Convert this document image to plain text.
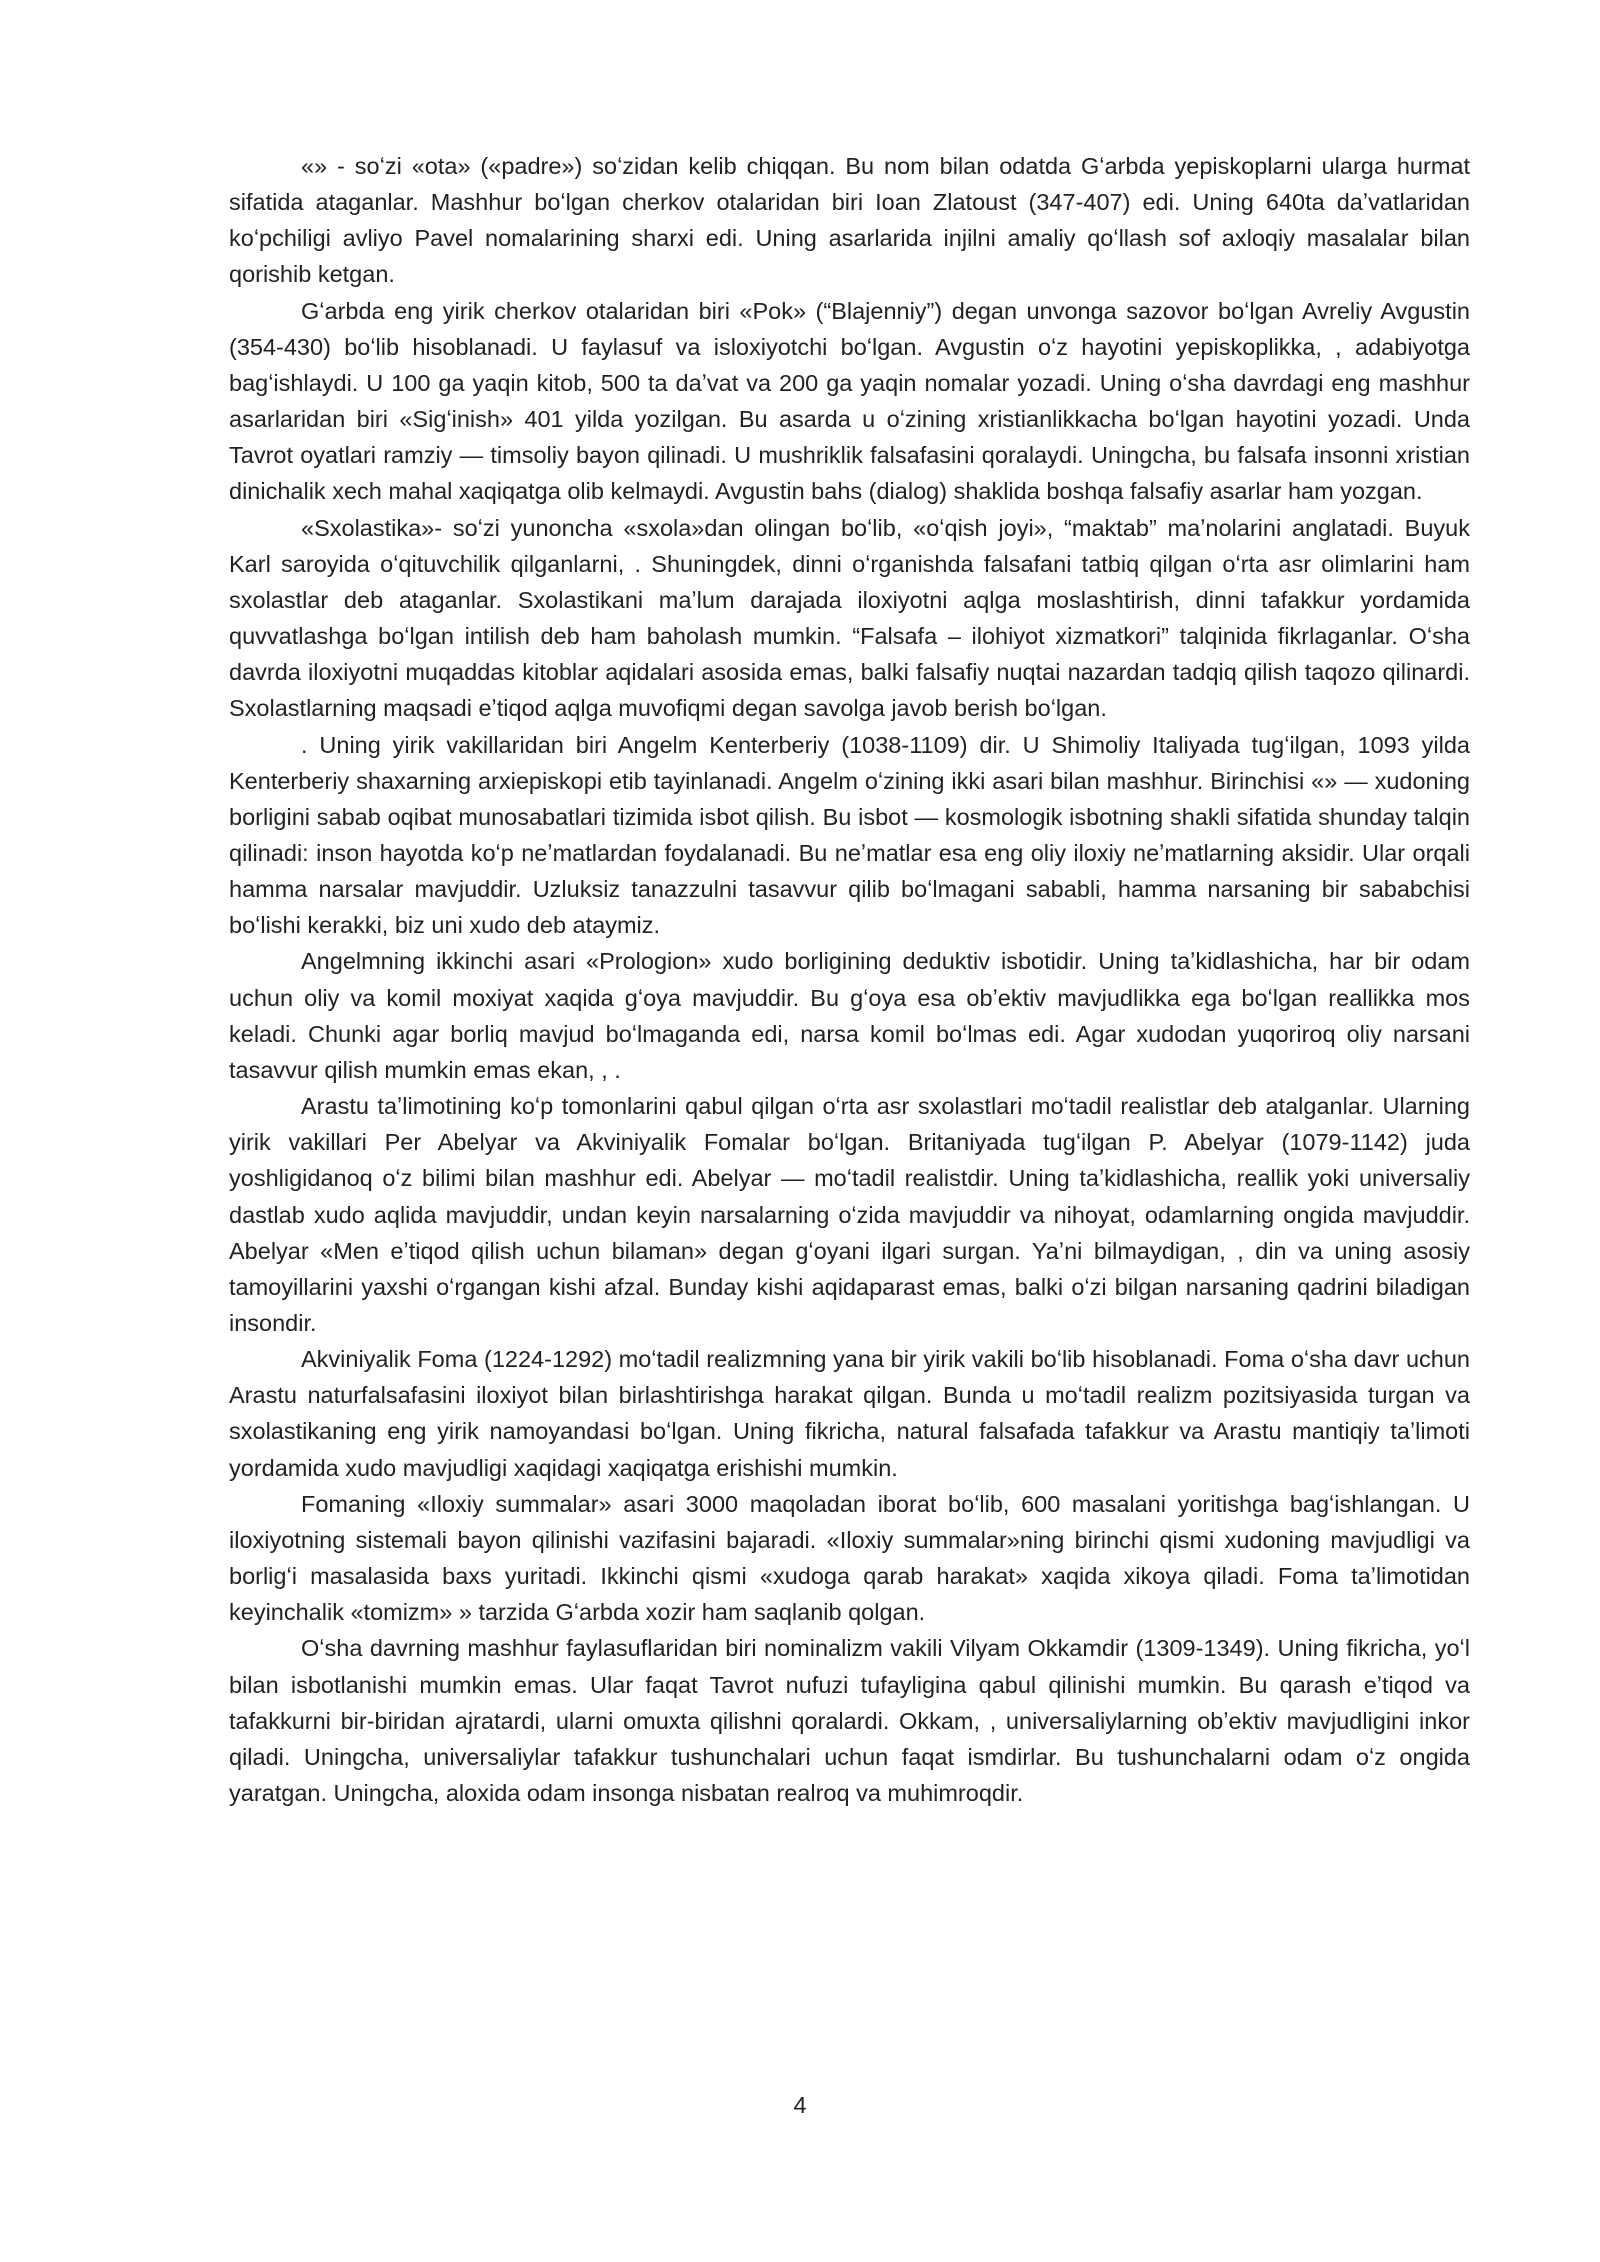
«» - soʻzi «ota» («padre») soʻzidan kelib chiqqan. Bu nom bilan odatda Gʻarbda yepiskoplarni ularga hurmat sifatida ataganlar. Mashhur boʻlgan cherkov otalaridan biri Ioan Zlatoust (347-407) edi. Uning 640ta daʼvatlaridan koʻpchiligi avliyo Pavel nomalarining sharxi edi. Uning asarlarida injilni amaliy qoʻllash sof axloqiy masalalar bilan qorishib ketgan.

Gʻarbda eng yirik cherkov otalaridan biri «Pok» (“Blajenniy”) degan unvonga sazovor boʻlgan Avreliy Avgustin (354-430) boʻlib hisoblanadi. U faylasuf va isloxiyotchi boʻlgan. Avgustin oʻz hayotini yepiskoplikka, , adabiyotga bagʻishlaydi. U 100 ga yaqin kitob, 500 ta daʼvat va 200 ga yaqin nomalar yozadi. Uning oʻsha davrdagi eng mashhur asarlaridan biri «Sigʻinish» 401 yilda yozilgan. Bu asarda u oʻzining xristianlikkacha boʻlgan hayotini yozadi. Unda Tavrot oyatlari ramziy — timsoliy bayon qilinadi. U mushriklik falsafasini qoralaydi. Uningcha, bu falsafa insonni xristian dinichalik xech mahal xaqiqatga olib kelmaydi. Avgustin bahs (dialog) shaklida boshqa falsafiy asarlar ham yozgan.

«Sxolastika»- soʻzi yunoncha «sxola»dan olingan boʻlib, «oʻqish joyi», “maktab” maʼnolarini anglatadi. Buyuk Karl saroyida oʻqituvchilik qilganlarni, . Shuningdek, dinni oʻrganishda falsafani tatbiq qilgan oʻrta asr olimlarini ham sxolastlar deb ataganlar. Sxolastikani maʼlum darajada iloxiyotni aqlga moslashtirish, dinni tafakkur yordamida quvvatlashga boʻlgan intilish deb ham baholash mumkin. “Falsafa – ilohiyot xizmatkori” talqinida fikrlaganlar. Oʻsha davrda iloxiyotni muqaddas kitoblar aqidalari asosida emas, balki falsafiy nuqtai nazardan tadqiq qilish taqozo qilinardi. Sxolastlarning maqsadi eʼtiqod aqlga muvofiqmi degan savolga javob berish boʻlgan.

. Uning yirik vakillaridan biri Angelm Kenterberiy (1038-1109) dir. U Shimoliy Italiyada tugʻilgan, 1093 yilda Kenterberiy shaxarning arxiepiskopi etib tayinlanadi. Angelm oʻzining ikki asari bilan mashhur. Birinchisi «» — xudoning borligini sabab oqibat munosabatlari tizimida isbot qilish. Bu isbot — kosmologik isbotning shakli sifatida shunday talqin qilinadi: inson hayotda koʻp neʼmatlardan foydalanadi. Bu neʼmatlar esa eng oliy iloxiy neʼmatlarning aksidir. Ular orqali hamma narsalar mavjuddir. Uzluksiz tanazzulni tasavvur qilib boʻlmagani sababli, hamma narsaning bir sababchisi boʻlishi kerakki, biz uni xudo deb ataymiz.

Angelmning ikkinchi asari «Prologion» xudo borligining deduktiv isbotidir. Uning taʼkidlashicha, har bir odam uchun oliy va komil moxiyat xaqida gʻoya mavjuddir. Bu gʻoya esa obʼektiv mavjudlikka ega boʻlgan reallikka mos keladi. Chunki agar borliq mavjud boʻlmaganda edi, narsa komil boʻlmas edi. Agar xudodan yuqoriroq oliy narsani tasavvur qilish mumkin emas ekan, , .

Arastu taʼlimotining koʻp tomonlarini qabul qilgan oʻrta asr sxolastlari moʻtadil realistlar deb atalganlar. Ularning yirik vakillari Per Abelyar va Akviniyalik Fomalar boʻlgan. Britaniyada tugʻilgan P. Abelyar (1079-1142) juda yoshligidanoq oʻz bilimi bilan mashhur edi. Abelyar — moʻtadil realistdir. Uning taʼkidlashicha, reallik yoki universaliy dastlab xudo aqlida mavjuddir, undan keyin narsalarning oʻzida mavjuddir va nihoyat, odamlarning ongida mavjuddir. Abelyar «Men eʼtiqod qilish uchun bilaman» degan gʻoyani ilgari surgan. Yaʼni bilmaydigan, , din va uning asosiy tamoyillarini yaxshi oʻrgangan kishi afzal. Bunday kishi aqidaparast emas, balki oʻzi bilgan narsaning qadrini biladigan insondir.

Akviniyalik Foma (1224-1292) moʻtadil realizmning yana bir yirik vakili boʻlib hisoblanadi. Foma oʻsha davr uchun Arastu naturfalsafasini iloxiyot bilan birlashtirishga harakat qilgan. Bunda u moʻtadil realizm pozitsiyasida turgan va sxolastikaning eng yirik namoyandasi boʻlgan. Uning fikricha, natural falsafada tafakkur va Arastu mantiqiy taʼlimoti yordamida xudo mavjudligi xaqidagi xaqiqatga erishishi mumkin.

Fomaning «Iloxiy summalar» asari 3000 maqoladan iborat boʻlib, 600 masalani yoritishga bagʻishlangan. U iloxiyotning sistemali bayon qilinishi vazifasini bajaradi. «Iloxiy summalar»ning birinchi qismi xudoning mavjudligi va borligʻi masalasida baxs yuritadi. Ikkinchi qismi «xudoga qarab harakat» xaqida xikoya qiladi. Foma taʼlimotidan keyinchalik «tomizm» » tarzida Gʻarbda xozir ham saqlanib qolgan.

Oʻsha davrning mashhur faylasuflaridan biri nominalizm vakili Vilyam Okkamdir (1309-1349). Uning fikricha, yoʻl bilan isbotlanishi mumkin emas. Ular faqat Tavrot nufuzi tufayligina qabul qilinishi mumkin. Bu qarash eʼtiqod va tafakkurni bir-biridan ajratardi, ularni omuxta qilishni qoralardi. Okkam, , universaliylarning obʼektiv mavjudligini inkor qiladi. Uningcha, universaliylar tafakkur tushunchalari uchun faqat ismdirlar. Bu tushunchalarni odam oʻz ongida yaratgan. Uningcha, aloxida odam insonga nisbatan realroq va muhimroqdir.

4
